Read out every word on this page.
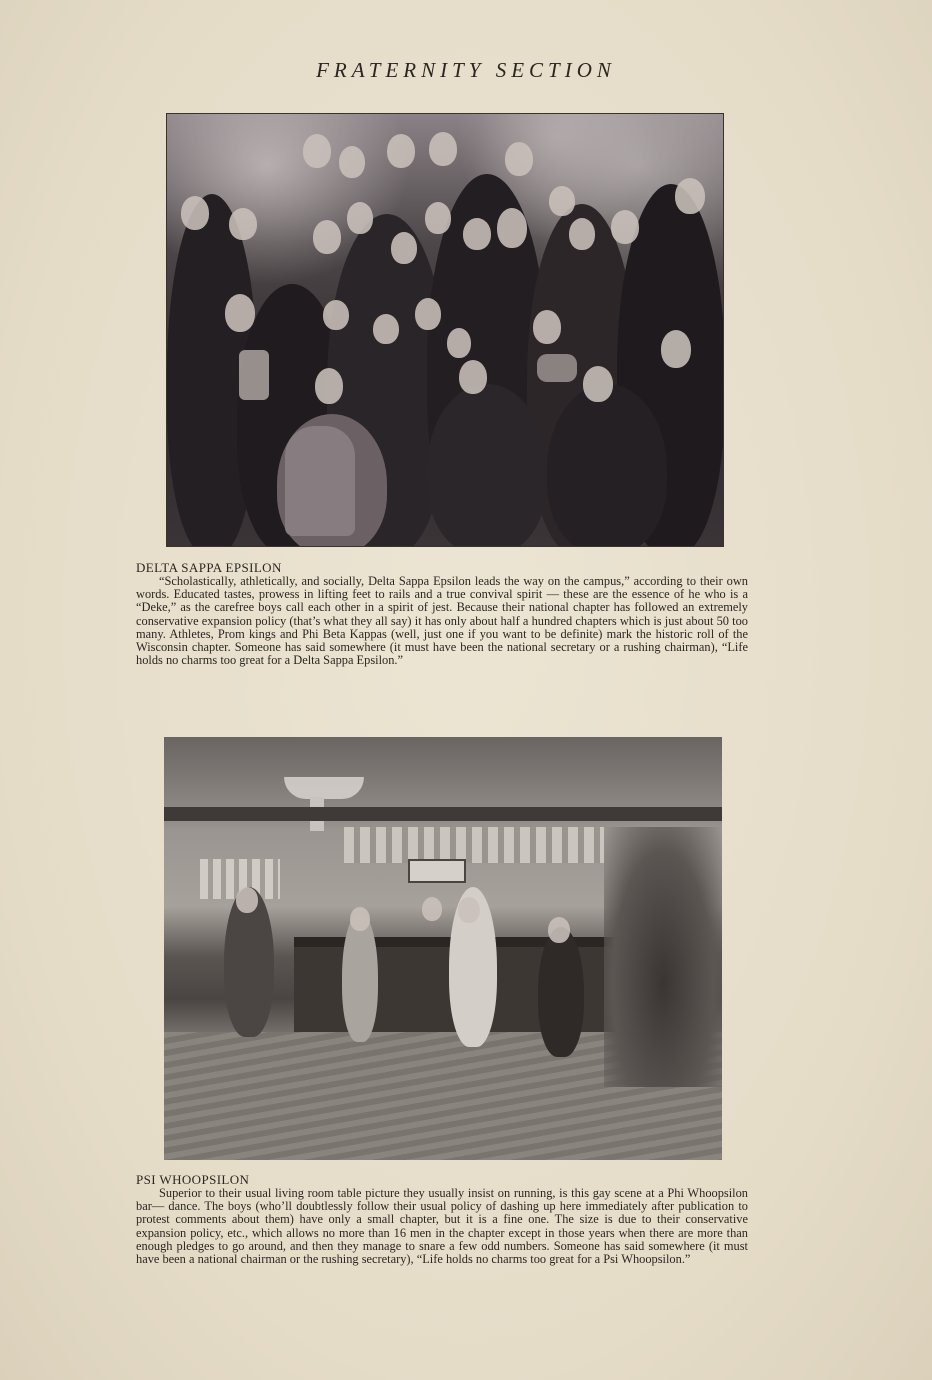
FRATERNITY SECTION
DELTA SAPPA EPSILON

“Scholastically, athletically, and socially, Delta Sappa Epsilon leads the way on the campus,” according to their own words. Educated tastes, prowess in lifting feet to rails and a true convival spirit — these are the essence of he who is a “Deke,” as the carefree boys call each other in a spirit of jest. Because their national chapter has followed an extremely conservative expansion policy (that’s what they all say) it has only about half a hundred chapters which is just about 50 too many. Athletes, Prom kings and Phi Beta Kappas (well, just one if you want to be definite) mark the historic roll of the Wisconsin chapter. Someone has said somewhere (it must have been the national secretary or a rushing chairman), “Life holds no charms too great for a Delta Sappa Epsilon.”

PSI WHOOPSILON

Superior to their usual living room table picture they usually insist on running, is this gay scene at a Phi Whoopsilon bar— dance. The boys (who’ll doubtlessly follow their usual policy of dashing up here immediately after publication to protest comments about them) have only a small chapter, but it is a fine one. The size is due to their conservative expansion policy, etc., which allows no more than 16 men in the chapter except in those years when there are more than enough pledges to go around, and then they manage to snare a few odd numbers. Someone has said somewhere (it must have been a national chairman or the rushing secretary), “Life holds no charms too great for a Psi Whoopsilon.”
